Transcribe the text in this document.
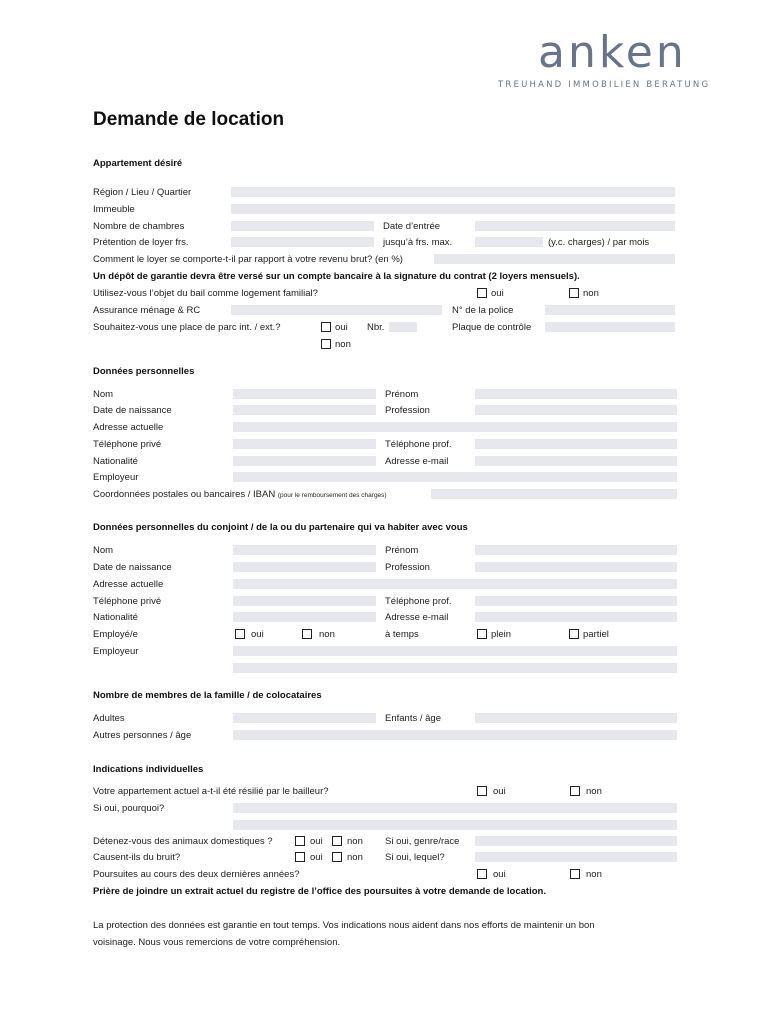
anken
TREUHAND IMMOBILIEN BERATUNG
Demande de location
Appartement désiré
Région / Lieu / Quartier
Immeuble
Nombre de chambres	Date d’entrée
Prétention de loyer frs.	jusqu’à frs. max.	(y.c. charges) / par mois
Comment le loyer se comporte-t-il par rapport à votre revenu brut? (en %)
Un dépôt de garantie devra être versé sur un compte bancaire à la signature du contrat (2 loyers mensuels).
Utilisez-vous l’objet du bail comme logement familial?	oui	non
Assurance ménage & RC	N° de la police
Souhaitez-vous une place de parc int. / ext.?	oui Nbr.	Plaque de contrôle
non
Données personnelles
Nom	Prénom
Date de naissance	Profession
Adresse actuelle
Téléphone privé	Téléphone prof.
Nationalité	Adresse e-mail
Employeur
Coordonnées postales ou bancaires / IBAN (pour le remboursement des charges)
Données personnelles du conjoint / de la ou du partenaire qui va habiter avec vous
Nom	Prénom
Date de naissance	Profession
Adresse actuelle
Téléphone privé	Téléphone prof.
Nationalité	Adresse e-mail
Employé/e	oui	non	à temps	plein	partiel
Employeur
Nombre de membres de la famille / de colocataires
Adultes	Enfants / âge
Autres personnes / âge
Indications individuelles
Votre appartement actuel a-t-il été résilié par le bailleur?	oui	non
Si oui, pourquoi?
Détenez-vous des animaux domestiques ?	oui	non Si oui, genre/race
Causent-ils du bruit?	oui	non Si oui, lequel?
Poursuites au cours des deux dernières années?	oui	non
Prière de joindre un extrait actuel du registre de l’office des poursuites à votre demande de location.
La protection des données est garantie en tout temps. Vos indications nous aident dans nos efforts de maintenir un bon
voisinage. Nous vous remercions de votre compréhension.
